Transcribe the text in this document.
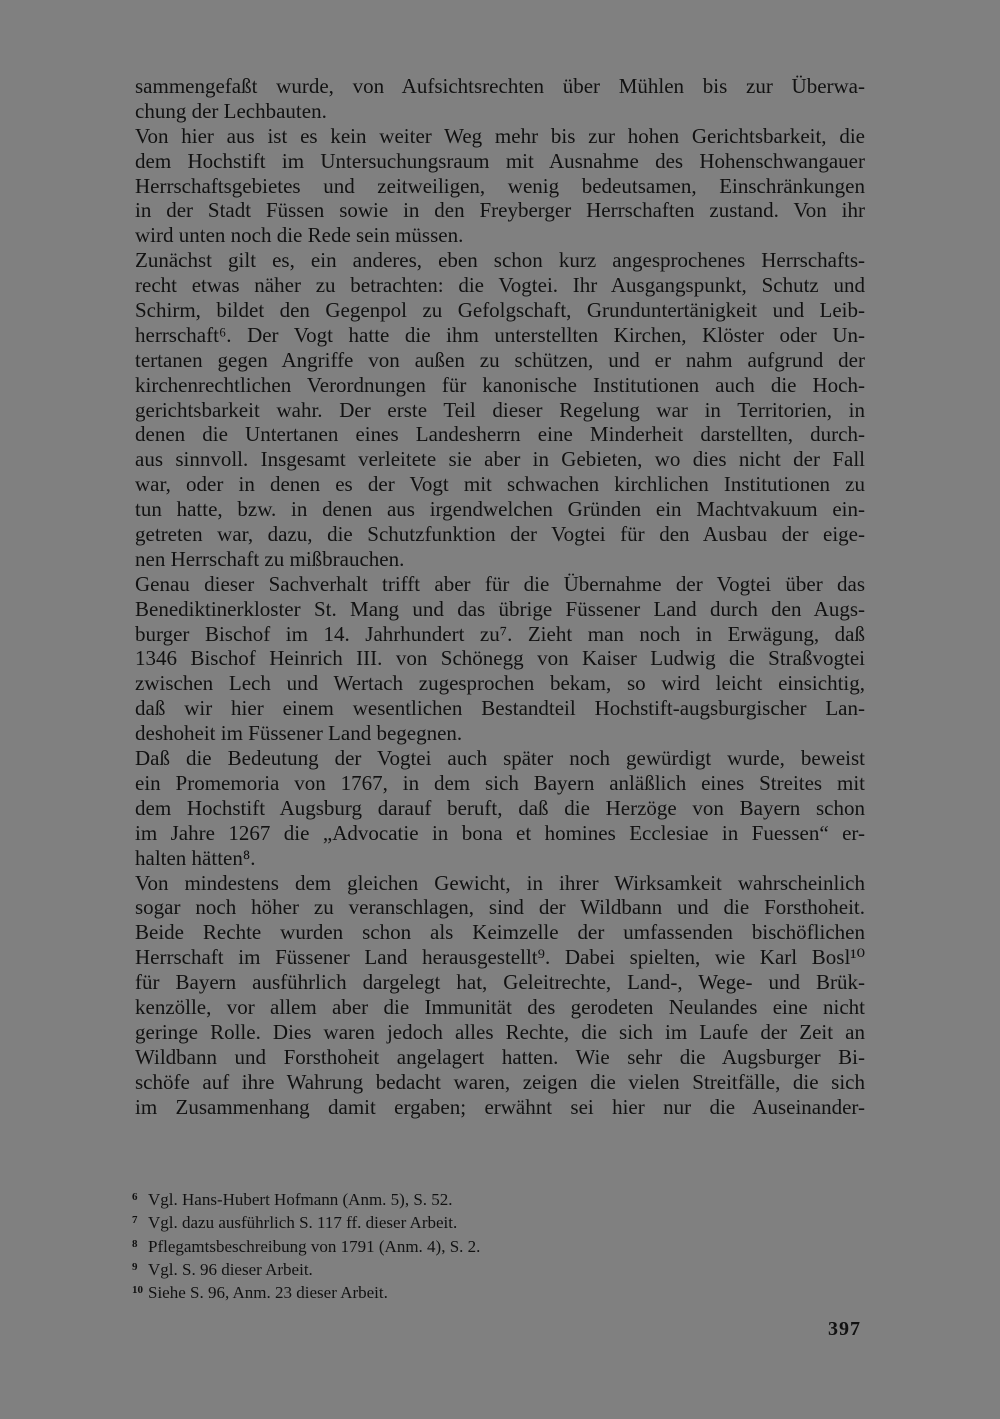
sammengefaßt wurde, von Aufsichtsrechten über Mühlen bis zur Überwa-
chung der Lechbauten.
Von hier aus ist es kein weiter Weg mehr bis zur hohen Gerichtsbarkeit, die
dem Hochstift im Untersuchungsraum mit Ausnahme des Hohenschwangauer
Herrschaftsgebietes und zeitweiligen, wenig bedeutsamen, Einschränkungen
in der Stadt Füssen sowie in den Freyberger Herrschaften zustand. Von ihr
wird unten noch die Rede sein müssen.
Zunächst gilt es, ein anderes, eben schon kurz angesprochenes Herrschafts-
recht etwas näher zu betrachten: die Vogtei. Ihr Ausgangspunkt, Schutz und
Schirm, bildet den Gegenpol zu Gefolgschaft, Grunduntertänigkeit und Leib-
herrschaft⁶. Der Vogt hatte die ihm unterstellten Kirchen, Klöster oder Un-
tertanen gegen Angriffe von außen zu schützen, und er nahm aufgrund der
kirchenrechtlichen Verordnungen für kanonische Institutionen auch die Hoch-
gerichtsbarkeit wahr. Der erste Teil dieser Regelung war in Territorien, in
denen die Untertanen eines Landesherrn eine Minderheit darstellten, durch-
aus sinnvoll. Insgesamt verleitete sie aber in Gebieten, wo dies nicht der Fall
war, oder in denen es der Vogt mit schwachen kirchlichen Institutionen zu
tun hatte, bzw. in denen aus irgendwelchen Gründen ein Machtvakuum ein-
getreten war, dazu, die Schutzfunktion der Vogtei für den Ausbau der eige-
nen Herrschaft zu mißbrauchen.
Genau dieser Sachverhalt trifft aber für die Übernahme der Vogtei über das
Benediktinerkloster St. Mang und das übrige Füssener Land durch den Augs-
burger Bischof im 14. Jahrhundert zu⁷. Zieht man noch in Erwägung, daß
1346 Bischof Heinrich III. von Schönegg von Kaiser Ludwig die Straßvogtei
zwischen Lech und Wertach zugesprochen bekam, so wird leicht einsichtig,
daß wir hier einem wesentlichen Bestandteil Hochstift-augsburgischer Lan-
deshoheit im Füssener Land begegnen.
Daß die Bedeutung der Vogtei auch später noch gewürdigt wurde, beweist
ein Promemoria von 1767, in dem sich Bayern anläßlich eines Streites mit
dem Hochstift Augsburg darauf beruft, daß die Herzöge von Bayern schon
im Jahre 1267 die „Advocatie in bona et homines Ecclesiae in Fuessen“ er-
halten hätten⁸.
Von mindestens dem gleichen Gewicht, in ihrer Wirksamkeit wahrscheinlich
sogar noch höher zu veranschlagen, sind der Wildbann und die Forsthoheit.
Beide Rechte wurden schon als Keimzelle der umfassenden bischöflichen
Herrschaft im Füssener Land herausgestellt⁹. Dabei spielten, wie Karl Bosl¹⁰
für Bayern ausführlich dargelegt hat, Geleitrechte, Land-, Wege- und Brük-
kenzölle, vor allem aber die Immunität des gerodeten Neulandes eine nicht
geringe Rolle. Dies waren jedoch alles Rechte, die sich im Laufe der Zeit an
Wildbann und Forsthoheit angelagert hatten. Wie sehr die Augsburger Bi-
schöfe auf ihre Wahrung bedacht waren, zeigen die vielen Streitfälle, die sich
im Zusammenhang damit ergaben; erwähnt sei hier nur die Auseinander-
6 Vgl. Hans-Hubert Hofmann (Anm. 5), S. 52.
7 Vgl. dazu ausführlich S. 117 ff. dieser Arbeit.
8 Pflegamtsbeschreibung von 1791 (Anm. 4), S. 2.
9 Vgl. S. 96 dieser Arbeit.
10 Siehe S. 96, Anm. 23 dieser Arbeit.
397
